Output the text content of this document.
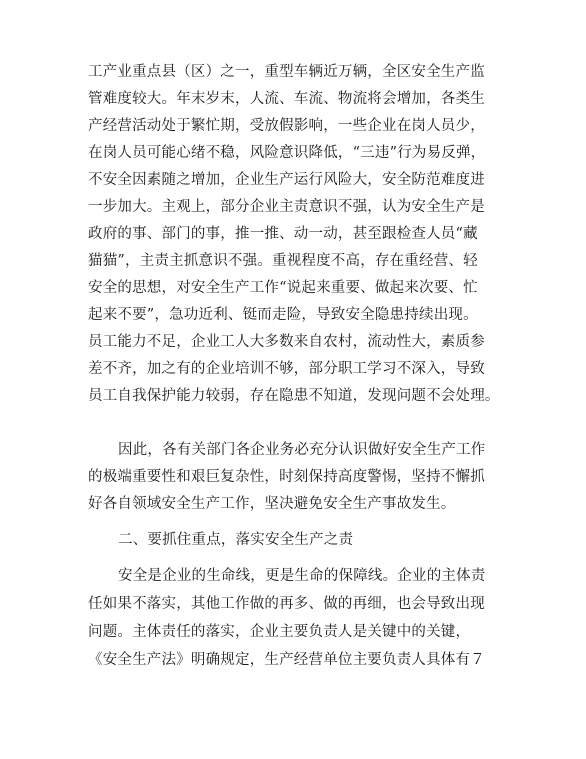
工产业重点县（区）之一，重型车辆近万辆，全区安全生产监
管难度较大。年末岁末，人流、车流、物流将会增加，各类生
产经营活动处于繁忙期，受放假影响，一些企业在岗人员少，
在岗人员可能心绪不稳，风险意识降低，“三违”行为易反弹，
不安全因素随之增加，企业生产运行风险大，安全防范难度进
一步加大。主观上，部分企业主责意识不强，认为安全生产是
政府的事、部门的事，推一推、动一动，甚至跟检查人员“藏
猫猫”，主责主抓意识不强。重视程度不高，存在重经营、轻
安全的思想，对安全生产工作“说起来重要、做起来次要、忙
起来不要”，急功近利、铤而走险，导致安全隐患持续出现。
员工能力不足，企业工人大多数来自农村，流动性大，素质参
差不齐，加之有的企业培训不够，部分职工学习不深入，导致
员工自我保护能力较弱，存在隐患不知道，发现问题不会处理。
因此，各有关部门各企业务必充分认识做好安全生产工作
的极端重要性和艰巨复杂性，时刻保持高度警惕，坚持不懈抓
好各自领域安全生产工作，坚决避免安全生产事故发生。
二、要抓住重点，落实安全生产之责
安全是企业的生命线，更是生命的保障线。企业的主体责
任如果不落实，其他工作做的再多、做的再细，也会导致出现
问题。主体责任的落实，企业主要负责人是关键中的关键，
《安全生产法》明确规定，生产经营单位主要负责人具体有７
